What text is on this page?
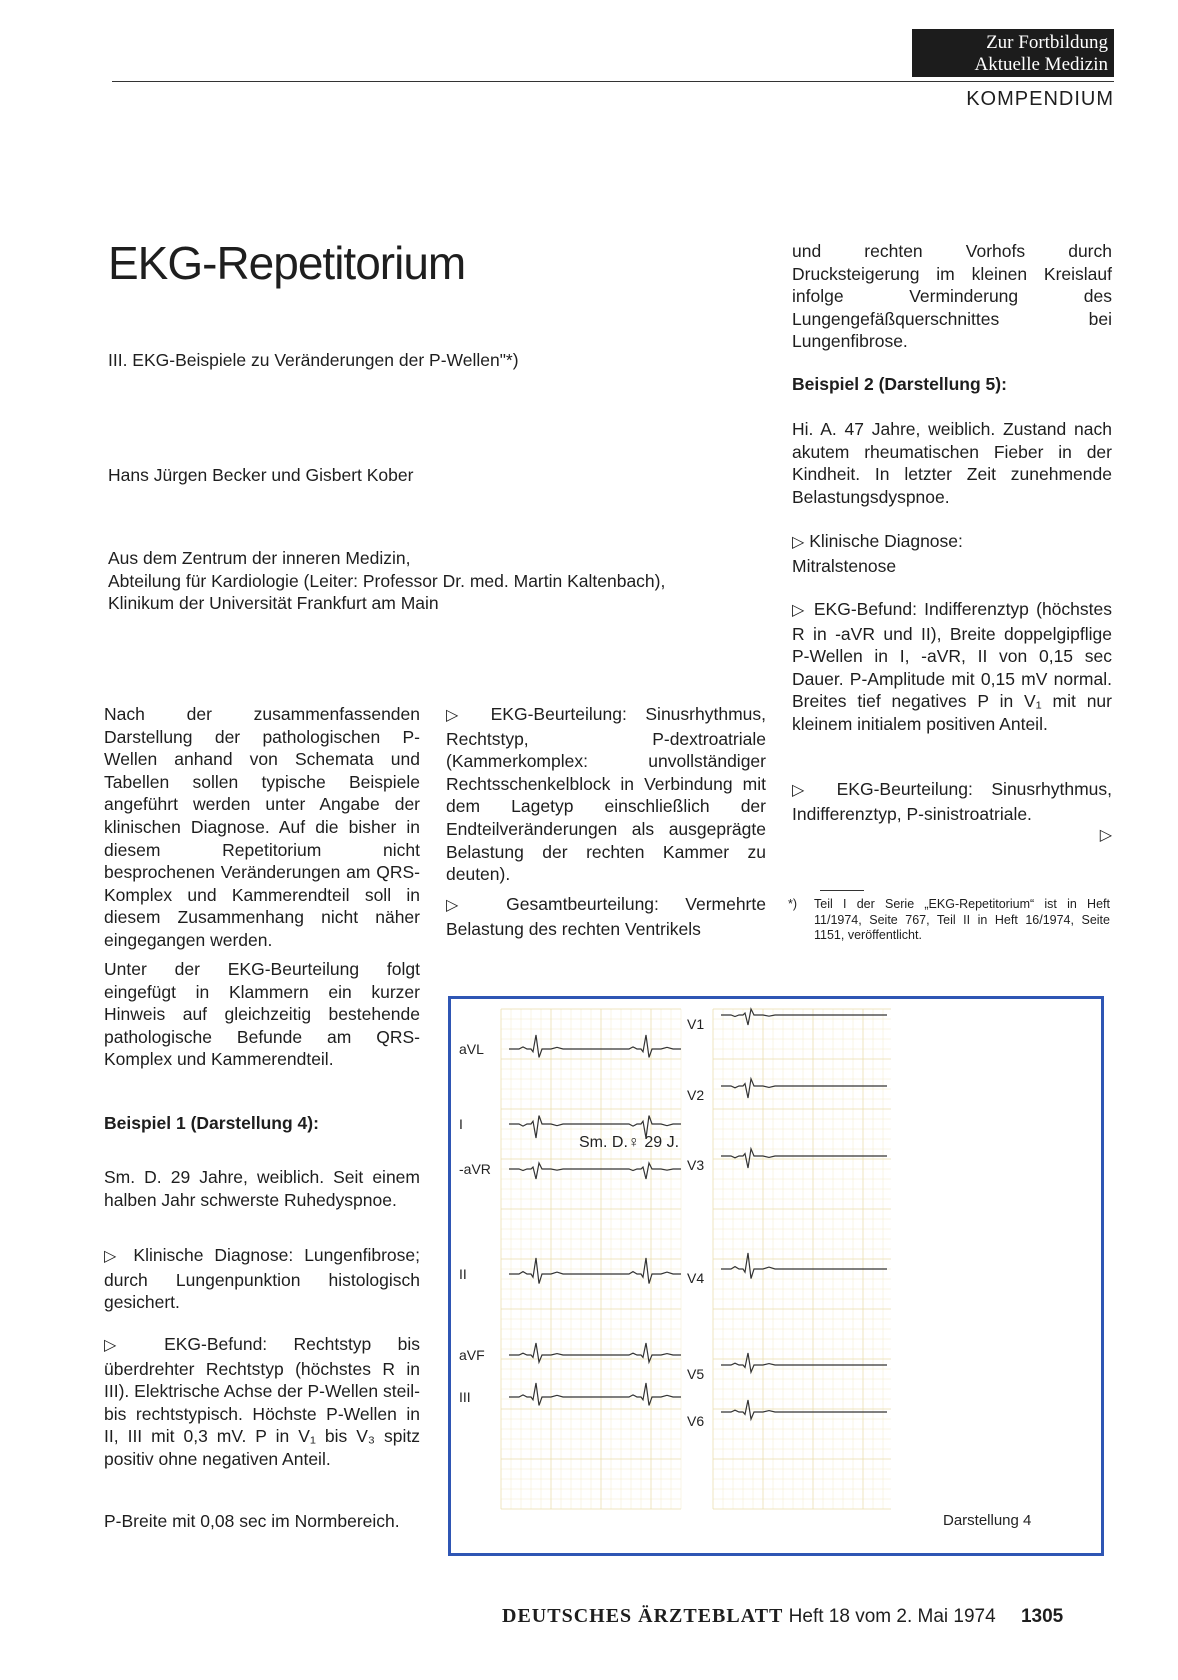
Zur Fortbildung
Aktuelle Medizin
KOMPENDIUM
EKG-Repetitorium
III. EKG-Beispiele zu Veränderungen der P-Wellen"*)
Hans Jürgen Becker und Gisbert Kober
Aus dem Zentrum der inneren Medizin,
Abteilung für Kardiologie (Leiter: Professor Dr. med. Martin Kaltenbach),
Klinikum der Universität Frankfurt am Main

Nach der zusammenfassenden Darstellung der pathologischen P-Wellen anhand von Schemata und Tabellen sollen typische Beispiele angeführt werden unter Angabe der klinischen Diagnose. Auf die bisher in diesem Repetitorium nicht besprochenen Veränderungen am QRS-Komplex und Kammerendteil soll in diesem Zusammenhang nicht näher eingegangen werden.

Unter der EKG-Beurteilung folgt eingefügt in Klammern ein kurzer Hinweis auf gleichzeitig bestehende pathologische Befunde am QRS-Komplex und Kammerendteil.

Beispiel 1 (Darstellung 4):
Sm. D. 29 Jahre, weiblich. Seit einem halben Jahr schwerste Ruhedyspnoe.
▷ Klinische Diagnose: Lungenfibrose; durch Lungenpunktion histologisch gesichert.
▷ EKG-Befund: Rechtstyp bis überdrehter Rechtstyp (höchstes R in III). Elektrische Achse der P-Wellen steil- bis rechtstypisch. Höchste P-Wellen in II, III mit 0,3 mV. P in V₁ bis V₃ spitz positiv ohne negativen Anteil.
P-Breite mit 0,08 sec im Normbereich.
▷ EKG-Beurteilung: Sinusrhythmus, Rechtstyp, P-dextroatriale (Kammerkomplex: unvollständiger Rechtsschenkelblock in Verbindung mit dem Lagetyp einschließlich der Endteilveränderungen als ausgeprägte Belastung der rechten Kammer zu deuten).
▷ Gesamtbeurteilung: Vermehrte Belastung des rechten Ventrikels
und rechten Vorhofs durch Drucksteigerung im kleinen Kreislauf infolge Verminderung des Lungengefäßquerschnittes bei Lungenfibrose.
Beispiel 2 (Darstellung 5):
Hi. A. 47 Jahre, weiblich. Zustand nach akutem rheumatischen Fieber in der Kindheit. In letzter Zeit zunehmende Belastungsdyspnoe.
▷ Klinische Diagnose:
Mitralstenose
▷ EKG-Befund: Indifferenztyp (höchstes R in -aVR und II), Breite doppelgipflige P-Wellen in I, -aVR, II von 0,15 sec Dauer. P-Amplitude mit 0,15 mV normal. Breites tief negatives P in V₁ mit nur kleinem initialem positiven Anteil.
▷ EKG-Beurteilung: Sinusrhythmus, Indifferenztyp, P-sinistroatriale.
▷
*) Teil I der Serie „EKG-Repetitorium“ ist in Heft 11/1974, Seite 767, Teil II in Heft 16/1974, Seite 1151, veröffentlicht.
aVL
I
-aVR
II
aVF
III
V1
V2
V3
V4
V5
V6
Sm. D.♀ 29 J.
Darstellung 4
DEUTSCHES ÄRZTEBLATT Heft 18 vom 2. Mai 1974 1305
